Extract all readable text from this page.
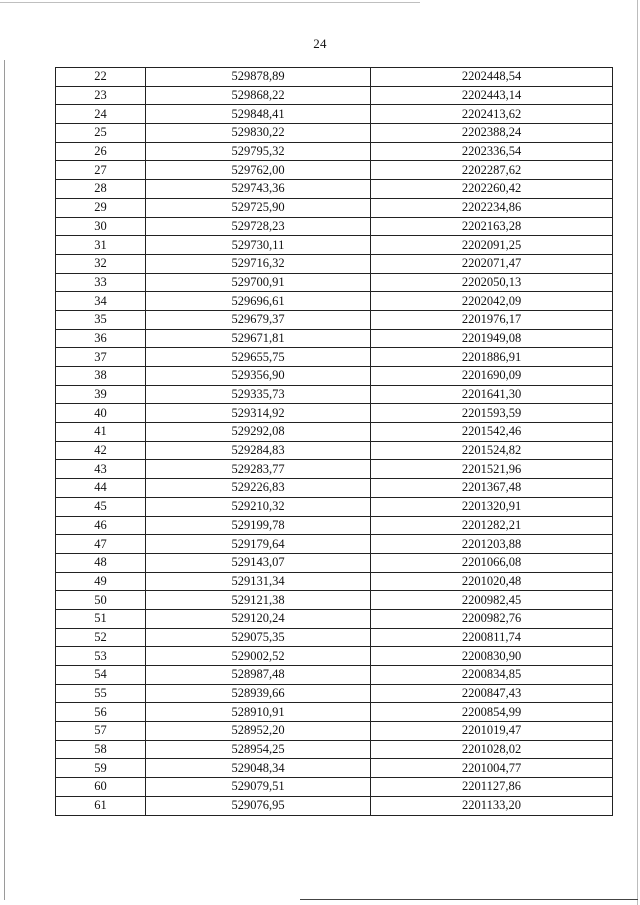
24
22	529878,89	2202448,54
23	529868,22	2202443,14
24	529848,41	2202413,62
25	529830,22	2202388,24
26	529795,32	2202336,54
27	529762,00	2202287,62
28	529743,36	2202260,42
29	529725,90	2202234,86
30	529728,23	2202163,28
31	529730,11	2202091,25
32	529716,32	2202071,47
33	529700,91	2202050,13
34	529696,61	2202042,09
35	529679,37	2201976,17
36	529671,81	2201949,08
37	529655,75	2201886,91
38	529356,90	2201690,09
39	529335,73	2201641,30
40	529314,92	2201593,59
41	529292,08	2201542,46
42	529284,83	2201524,82
43	529283,77	2201521,96
44	529226,83	2201367,48
45	529210,32	2201320,91
46	529199,78	2201282,21
47	529179,64	2201203,88
48	529143,07	2201066,08
49	529131,34	2201020,48
50	529121,38	2200982,45
51	529120,24	2200982,76
52	529075,35	2200811,74
53	529002,52	2200830,90
54	528987,48	2200834,85
55	528939,66	2200847,43
56	528910,91	2200854,99
57	528952,20	2201019,47
58	528954,25	2201028,02
59	529048,34	2201004,77
60	529079,51	2201127,86
61	529076,95	2201133,20
